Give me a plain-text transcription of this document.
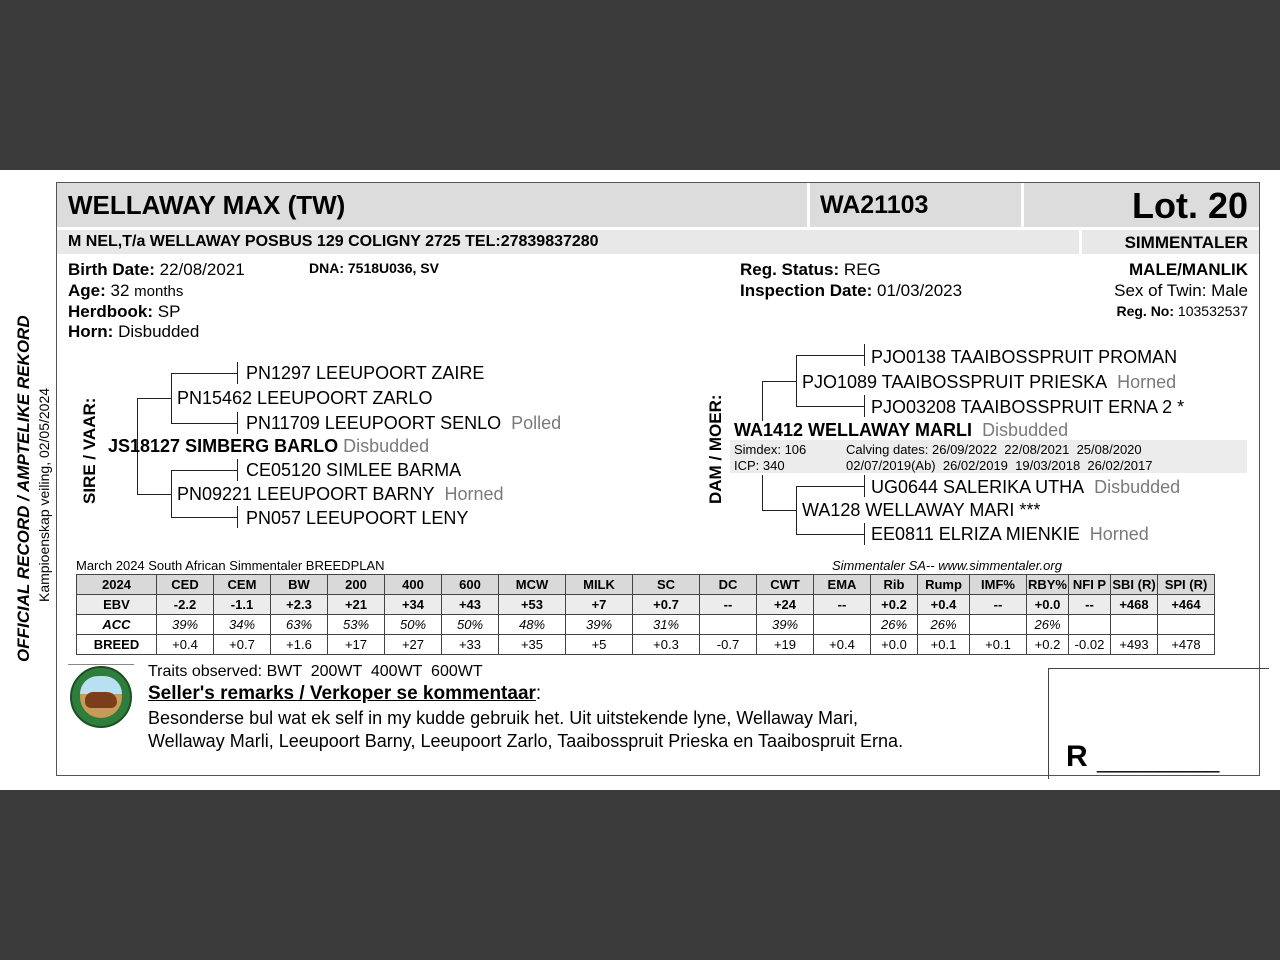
OFFICIAL RECORD / AMPTELIKE REKORD Kampioenskap veiling, 02/05/2024
WELLAWAY MAX (TW)	WA21103	Lot. 20
M NEL,T/a WELLAWAY POSBUS 129 COLIGNY 2725 TEL:27839837280	SIMMENTALER
Birth Date: 22/08/2021	DNA: 7518U036, SV
Age: 32 months
Herdbook: SP
Horn: Disbudded
Reg. Status: REG
Inspection Date: 01/03/2023
MALE/MANLIK
Sex of Twin: Male
Reg. No: 103532537
SIRE / VAAR:
PN1297 LEEUPOORT ZAIRE
PN15462 LEEUPOORT ZARLO
PN11709 LEEUPOORT SENLO Polled
JS18127 SIMBERG BARLO Disbudded
CE05120 SIMLEE BARMA
PN09221 LEEUPOORT BARNY Horned
PN057 LEEUPOORT LENY
DAM / MOER:
PJO0138 TAAIBOSSPRUIT PROMAN
PJO1089 TAAIBOSSPRUIT PRIESKA Horned
PJO03208 TAAIBOSSPRUIT ERNA 2 *
WA1412 WELLAWAY MARLI Disbudded
Simdex: 106
ICP: 340
Calving dates: 26/09/2022  22/08/2021  25/08/2020
02/07/2019(Ab)  26/02/2019  19/03/2018  26/02/2017
UG0644 SALERIKA UTHA Disbudded
WA128 WELLAWAY MARI ***
EE0811 ELRIZA MIENKIE Horned
March 2024 South African Simmentaler BREEDPLAN	Simmentaler SA-- www.simmentaler.org
2024	CED	CEM	BW	200	400	600	MCW	MILK	SC	DC	CWT	EMA	Rib	Rump	IMF%	RBY%	NFI P	SBI (R)	SPI (R)
EBV	-2.2	-1.1	+2.3	+21	+34	+43	+53	+7	+0.7	--	+24	--	+0.2	+0.4	--	+0.0	--	+468	+464
ACC	39%	34%	63%	53%	50%	50%	48%	39%	31%		39%		26%	26%		26%			
BREED	+0.4	+0.7	+1.6	+17	+27	+33	+35	+5	+0.3	-0.7	+19	+0.4	+0.0	+0.1	+0.1	+0.2	-0.02	+493	+478
Traits observed: BWT  200WT  400WT  600WT
Seller's remarks / Verkoper se kommentaar:
Besonderse bul wat ek self in my kudde gebruik het. Uit uitstekende lyne, Wellaway Mari,
Wellaway Marli, Leeupoort Barny, Leeupoort Zarlo, Taaibosspruit Prieska en Taaibospruit Erna.	R __________
